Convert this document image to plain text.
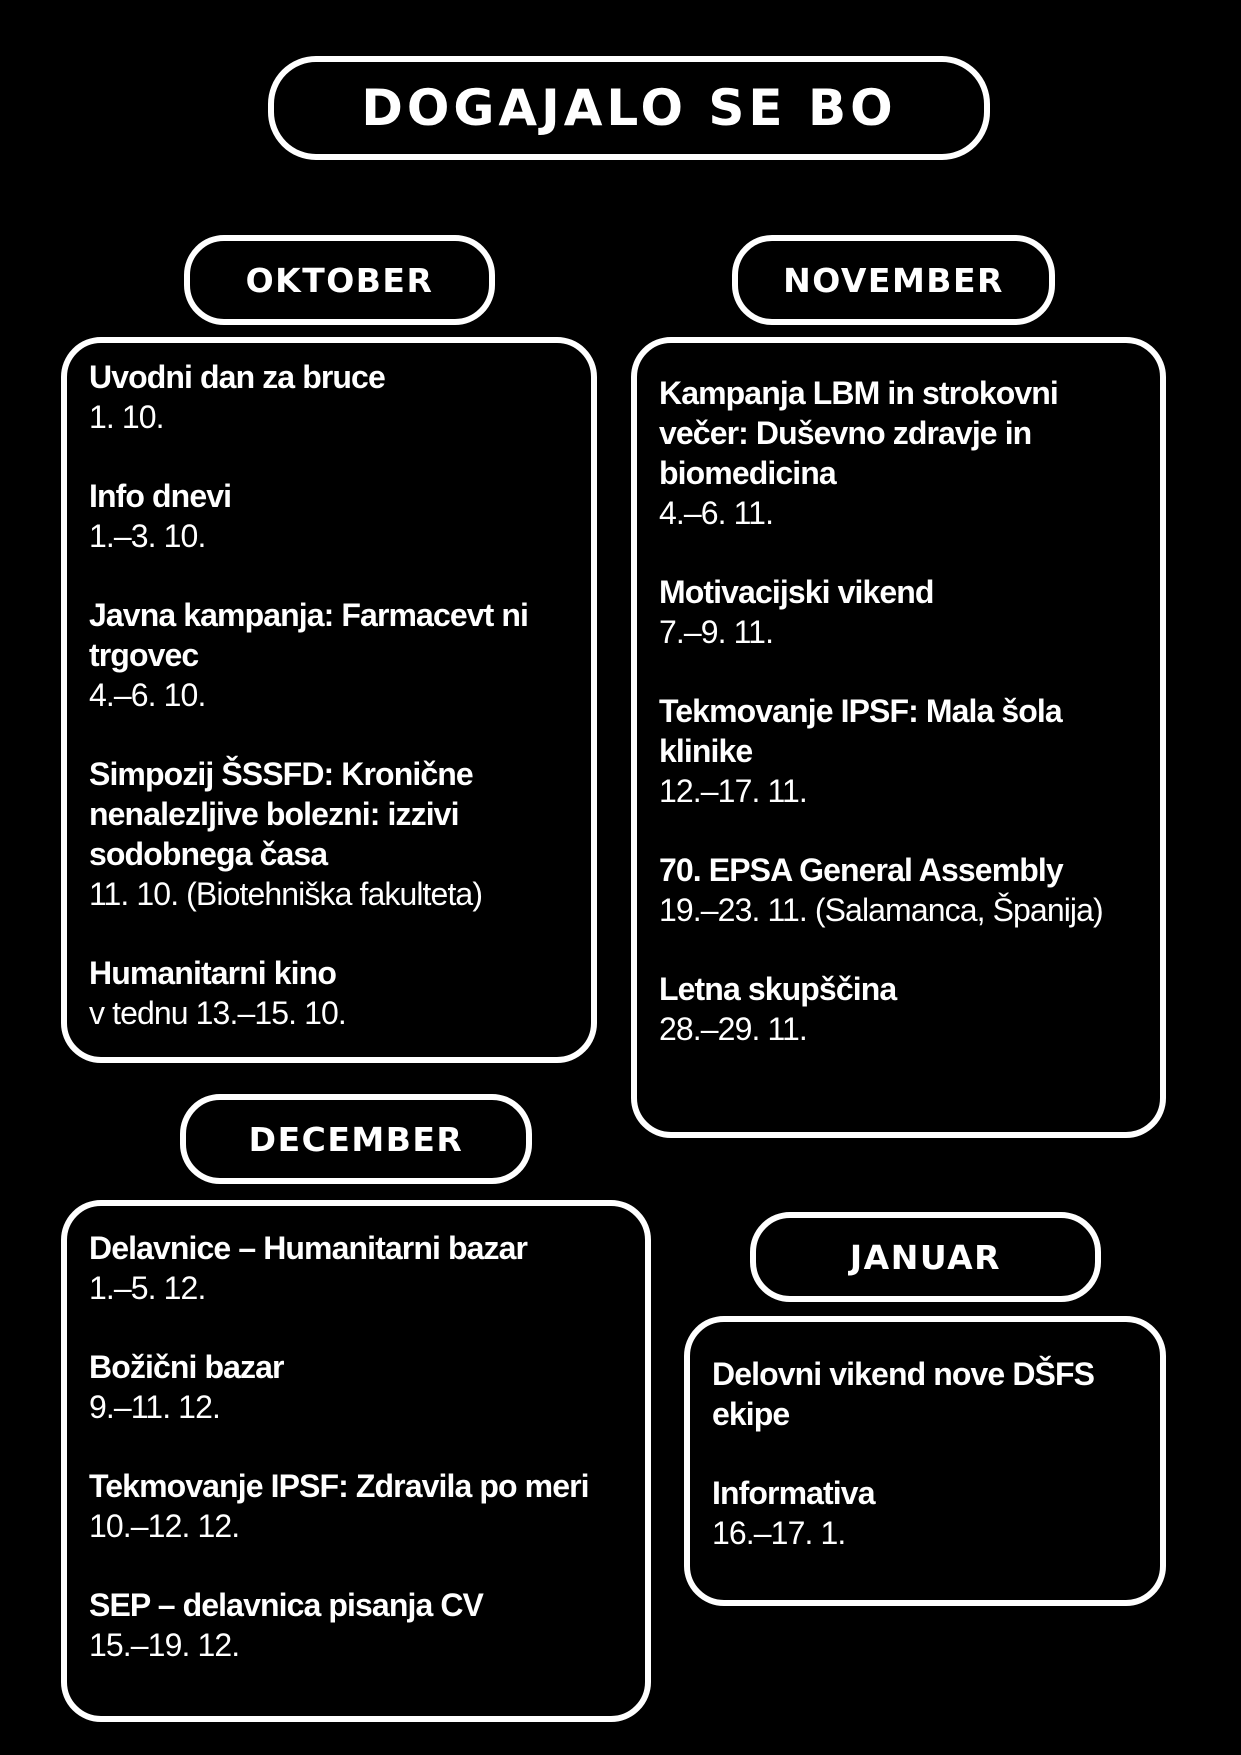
DOGAJALO SE BO
OKTOBER
Uvodni dan za bruce
1. 10.
Info dnevi
1.–3. 10.
Javna kampanja: Farmacevt ni trgovec
4.–6. 10.
Simpozij ŠSSFD: Kronične nenalezljive bolezni: izzivi sodobnega časa
11. 10. (Biotehniška fakulteta)
Humanitarni kino
v tednu 13.–15. 10.
NOVEMBER
Kampanja LBM in strokovni večer: Duševno zdravje in biomedicina
4.–6. 11.
Motivacijski vikend
7.–9. 11.
Tekmovanje IPSF: Mala šola klinike
12.–17. 11.
70. EPSA General Assembly
19.–23. 11. (Salamanca, Španija)
Letna skupščina
28.–29. 11.
DECEMBER
Delavnice – Humanitarni bazar
1.–5. 12.
Božični bazar
9.–11. 12.
Tekmovanje IPSF: Zdravila po meri
10.–12. 12.
SEP – delavnica pisanja CV
15.–19. 12.
JANUAR
Delovni vikend nove DŠFS ekipe
Informativa
16.–17. 1.
